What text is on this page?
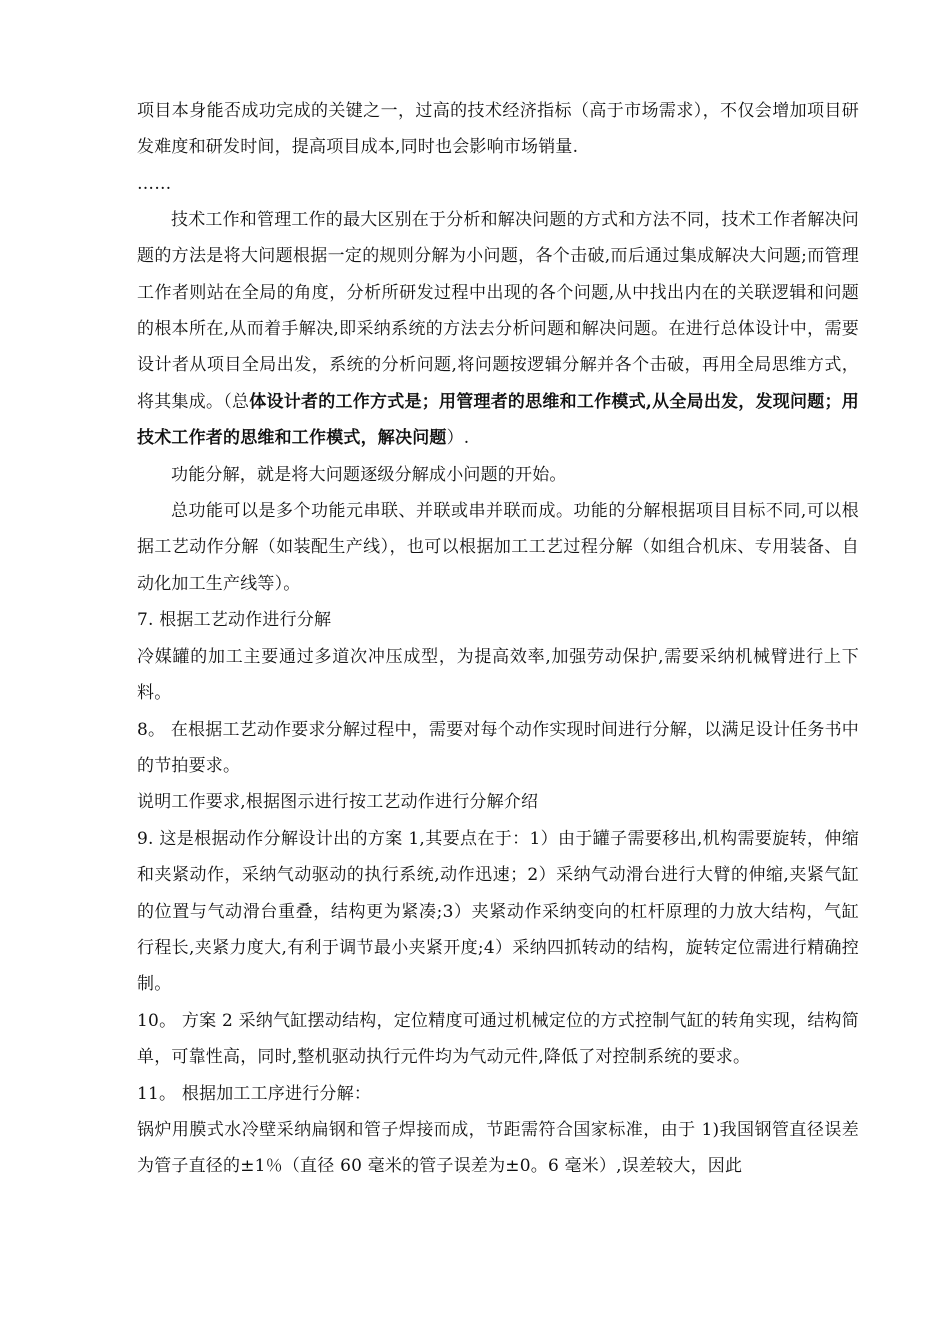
项目本身能否成功完成的关键之一，过高的技术经济指标（高于市场需求），不仅会增加项目研发难度和研发时间，提高项目成本,同时也会影响市场销量.

……

技术工作和管理工作的最大区别在于分析和解决问题的方式和方法不同，技术工作者解决问题的方法是将大问题根据一定的规则分解为小问题，各个击破,而后通过集成解决大问题;而管理工作者则站在全局的角度，分析所研发过程中出现的各个问题,从中找出内在的关联逻辑和问题的根本所在,从而着手解决,即采纳系统的方法去分析问题和解决问题。在进行总体设计中，需要设计者从项目全局出发，系统的分析问题,将问题按逻辑分解并各个击破，再用全局思维方式，将其集成。（总体设计者的工作方式是；用管理者的思维和工作模式,从全局出发，发现问题；用技术工作者的思维和工作模式，解决问题）.

功能分解，就是将大问题逐级分解成小问题的开始。

总功能可以是多个功能元串联、并联或串并联而成。功能的分解根据项目目标不同,可以根据工艺动作分解（如装配生产线），也可以根据加工工艺过程分解（如组合机床、专用装备、自动化加工生产线等）。

7. 根据工艺动作进行分解

冷媒罐的加工主要通过多道次冲压成型，为提高效率,加强劳动保护,需要采纳机械臂进行上下料。

8。 在根据工艺动作要求分解过程中，需要对每个动作实现时间进行分解，以满足设计任务书中的节拍要求。

说明工作要求,根据图示进行按工艺动作进行分解介绍

9. 这是根据动作分解设计出的方案 1,其要点在于：1）由于罐子需要移出,机构需要旋转，伸缩和夹紧动作，采纳气动驱动的执行系统,动作迅速；2）采纳气动滑台进行大臂的伸缩,夹紧气缸的位置与气动滑台重叠，结构更为紧凑;3）夹紧动作采纳变向的杠杆原理的力放大结构，气缸行程长,夹紧力度大,有利于调节最小夹紧开度;4）采纳四抓转动的结构，旋转定位需进行精确控制。

10。 方案 2 采纳气缸摆动结构，定位精度可通过机械定位的方式控制气缸的转角实现，结构简单，可靠性高，同时,整机驱动执行元件均为气动元件,降低了对控制系统的要求。

11。 根据加工工序进行分解：

锅炉用膜式水冷壁采纳扁钢和管子焊接而成，节距需符合国家标准，由于 1)我国钢管直径误差为管子直径的±1％（直径 60 毫米的管子误差为±0。6 毫米）,误差较大，因此
